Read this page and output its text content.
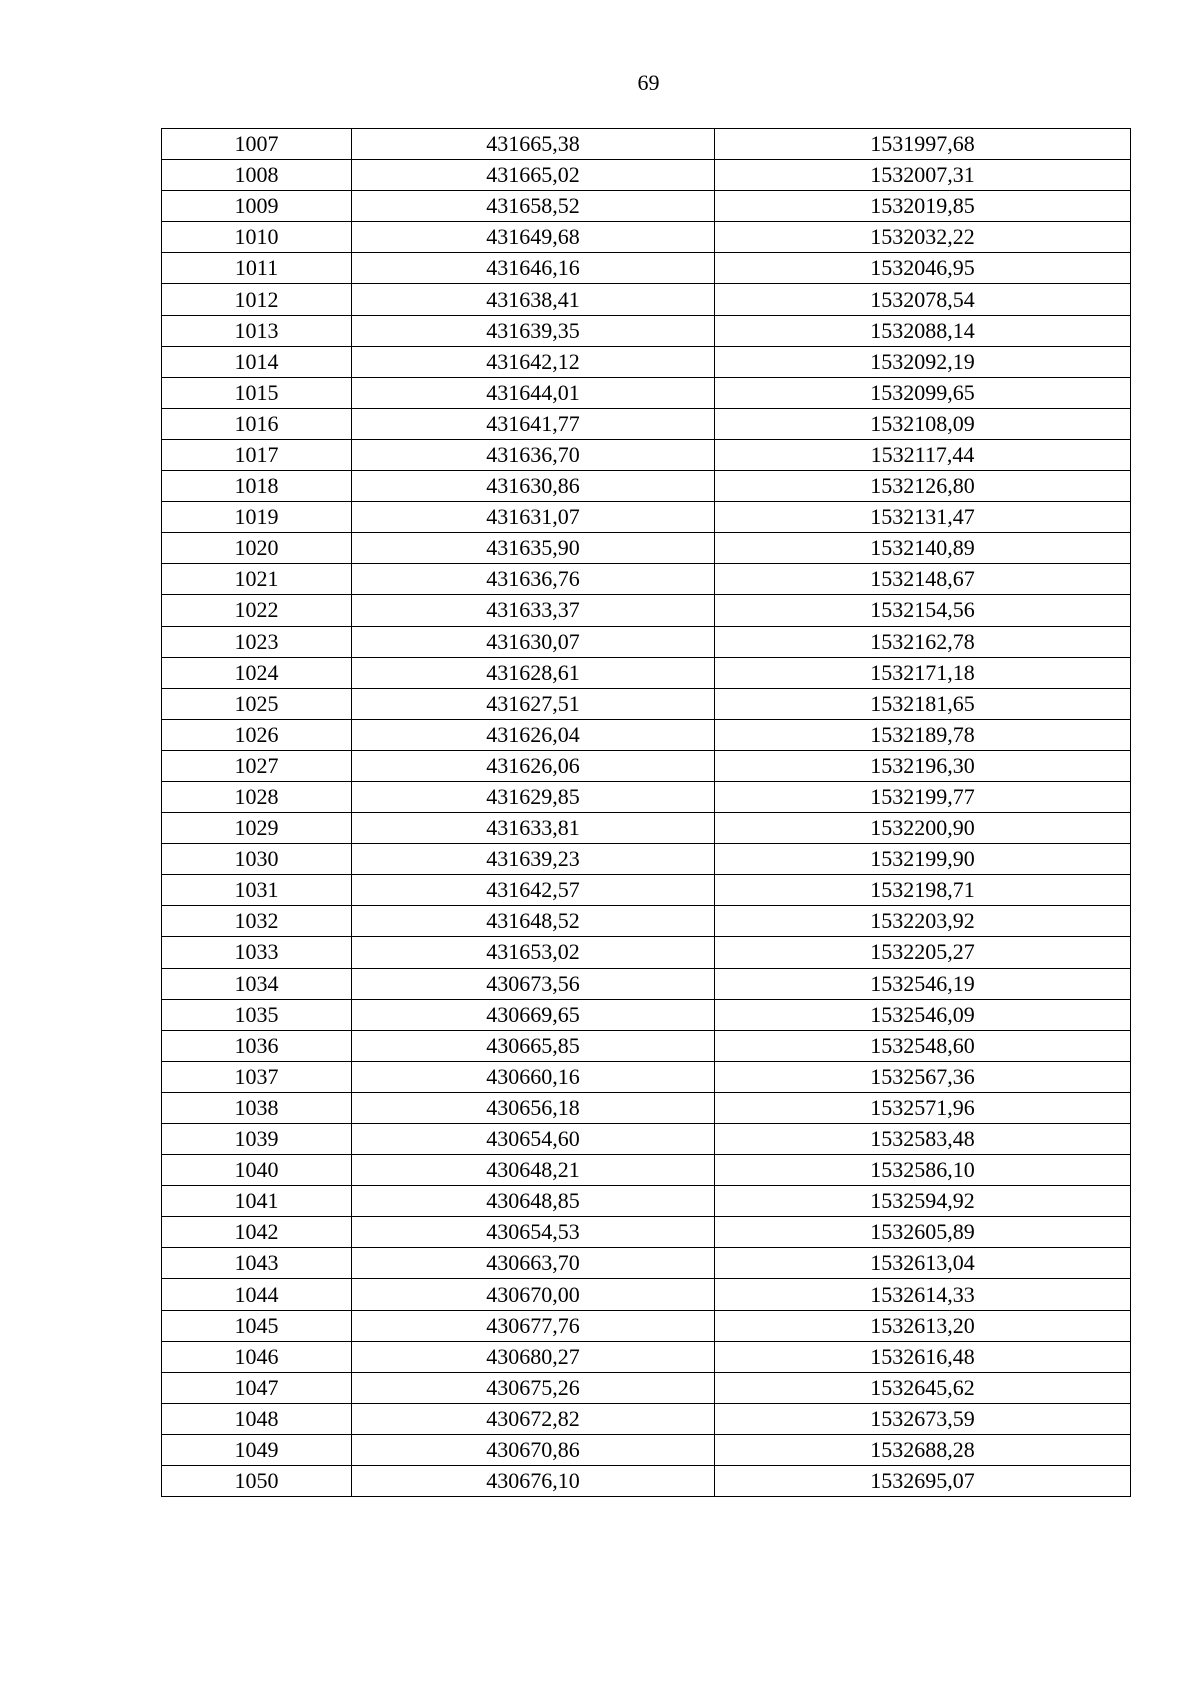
69
1007	431665,38	1531997,68
1008	431665,02	1532007,31
1009	431658,52	1532019,85
1010	431649,68	1532032,22
1011	431646,16	1532046,95
1012	431638,41	1532078,54
1013	431639,35	1532088,14
1014	431642,12	1532092,19
1015	431644,01	1532099,65
1016	431641,77	1532108,09
1017	431636,70	1532117,44
1018	431630,86	1532126,80
1019	431631,07	1532131,47
1020	431635,90	1532140,89
1021	431636,76	1532148,67
1022	431633,37	1532154,56
1023	431630,07	1532162,78
1024	431628,61	1532171,18
1025	431627,51	1532181,65
1026	431626,04	1532189,78
1027	431626,06	1532196,30
1028	431629,85	1532199,77
1029	431633,81	1532200,90
1030	431639,23	1532199,90
1031	431642,57	1532198,71
1032	431648,52	1532203,92
1033	431653,02	1532205,27
1034	430673,56	1532546,19
1035	430669,65	1532546,09
1036	430665,85	1532548,60
1037	430660,16	1532567,36
1038	430656,18	1532571,96
1039	430654,60	1532583,48
1040	430648,21	1532586,10
1041	430648,85	1532594,92
1042	430654,53	1532605,89
1043	430663,70	1532613,04
1044	430670,00	1532614,33
1045	430677,76	1532613,20
1046	430680,27	1532616,48
1047	430675,26	1532645,62
1048	430672,82	1532673,59
1049	430670,86	1532688,28
1050	430676,10	1532695,07
